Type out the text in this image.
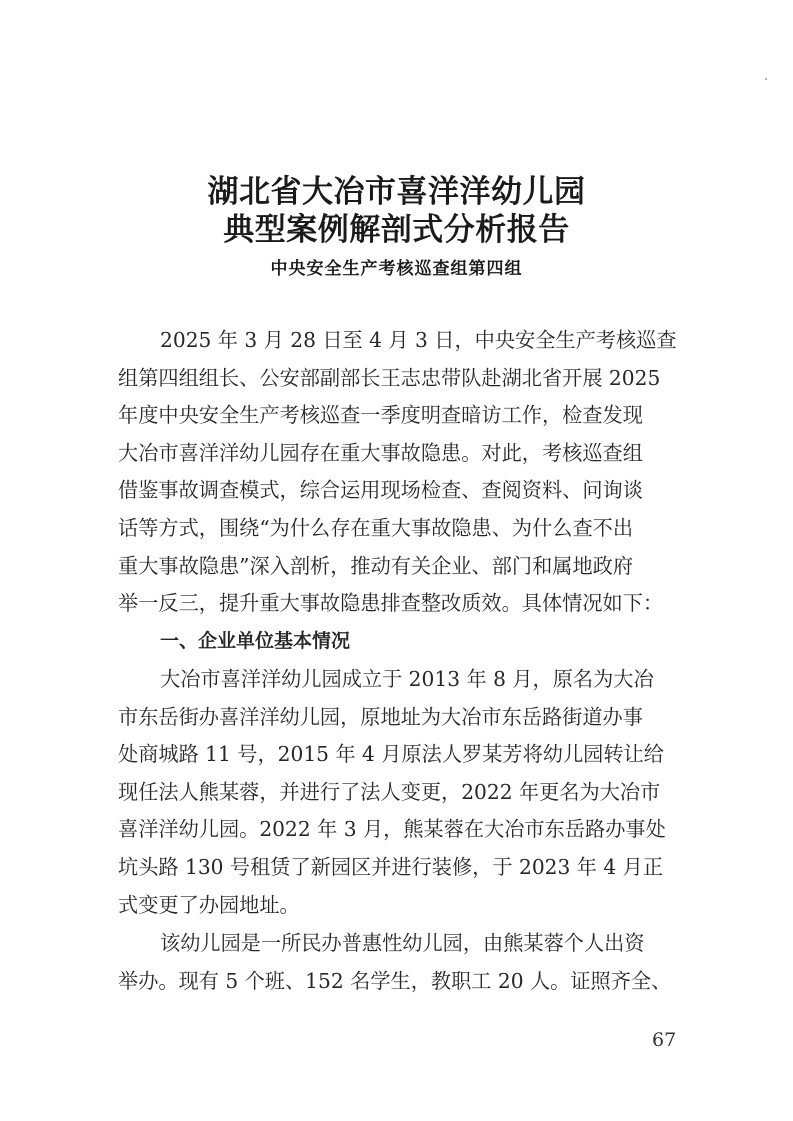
湖北省大冶市喜洋洋幼儿园
典型案例解剖式分析报告
中央安全生产考核巡查组第四组
2025 年 3 月 28 日至 4 月 3 日，中央安全生产考核巡查
组第四组组长、公安部副部长王志忠带队赴湖北省开展 2025
年度中央安全生产考核巡查一季度明查暗访工作，检查发现
大冶市喜洋洋幼儿园存在重大事故隐患。对此，考核巡查组
借鉴事故调查模式，综合运用现场检查、查阅资料、问询谈
话等方式，围绕“为什么存在重大事故隐患、为什么查不出
重大事故隐患”深入剖析，推动有关企业、部门和属地政府
举一反三，提升重大事故隐患排查整改质效。具体情况如下：
一、企业单位基本情况
大冶市喜洋洋幼儿园成立于 2013 年 8 月，原名为大冶
市东岳街办喜洋洋幼儿园，原地址为大冶市东岳路街道办事
处商城路 11 号，2015 年 4 月原法人罗某芳将幼儿园转让给
现任法人熊某蓉，并进行了法人变更，2022 年更名为大冶市
喜洋洋幼儿园。2022 年 3 月，熊某蓉在大冶市东岳路办事处
坑头路 130 号租赁了新园区并进行装修，于 2023 年 4 月正
式变更了办园地址。
该幼儿园是一所民办普惠性幼儿园，由熊某蓉个人出资
举办。现有 5 个班、152 名学生，教职工 20 人。证照齐全、
67
